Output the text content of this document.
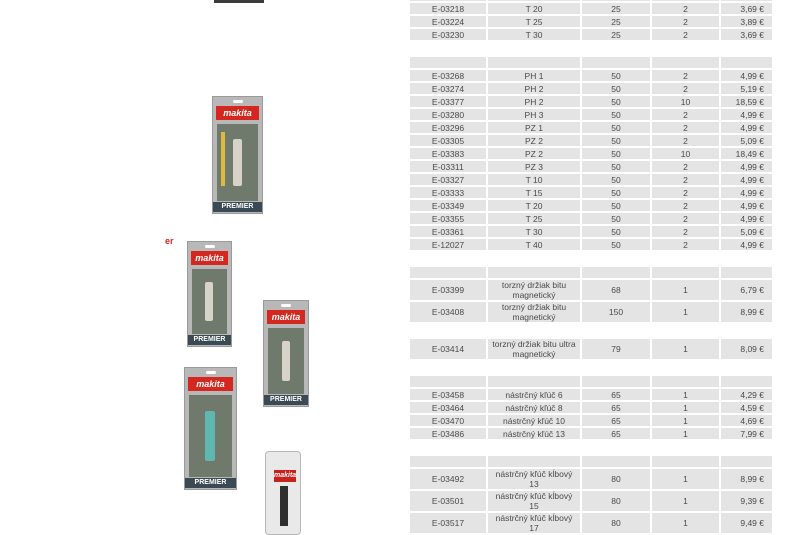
makita
PREMIER
er
makita
PREMIER
makita
PREMIER
makita
PREMIER
makita

E-03218	T 20	25	2	3,69 €
E-03224	T 25	25	2	3,89 €
E-03230	T 30	25	2	3,69 €

E-03268	PH 1	50	2	4,99 €
E-03274	PH 2	50	2	5,19 €
E-03377	PH 2	50	10	18,59 €
E-03280	PH 3	50	2	4,99 €
E-03296	PZ 1	50	2	4,99 €
E-03305	PZ 2	50	2	5,09 €
E-03383	PZ 2	50	10	18,49 €
E-03311	PZ 3	50	2	4,99 €
E-03327	T 10	50	2	4,99 €
E-03333	T 15	50	2	4,99 €
E-03349	T 20	50	2	4,99 €
E-03355	T 25	50	2	4,99 €
E-03361	T 30	50	2	5,09 €
E-12027	T 40	50	2	4,99 €

E-03399	torzný držiak bitu magnetický	68	1	6,79 €
E-03408	torzný držiak bitu magnetický	150	1	8,99 €

E-03414	torzný držiak bitu ultra magnetický	79	1	8,09 €

E-03458	nástrčný kľúč 6	65	1	4,29 €
E-03464	nástrčný kľúč 8	65	1	4,59 €
E-03470	nástrčný kľúč 10	65	1	4,69 €
E-03486	nástrčný kľúč 13	65	1	7,99 €

E-03492	nástrčný kľúč kĺbový 13	80	1	8,99 €
E-03501	nástrčný kľúč kĺbový 15	80	1	9,39 €
E-03517	nástrčný kľúč kĺbový 17	80	1	9,49 €
